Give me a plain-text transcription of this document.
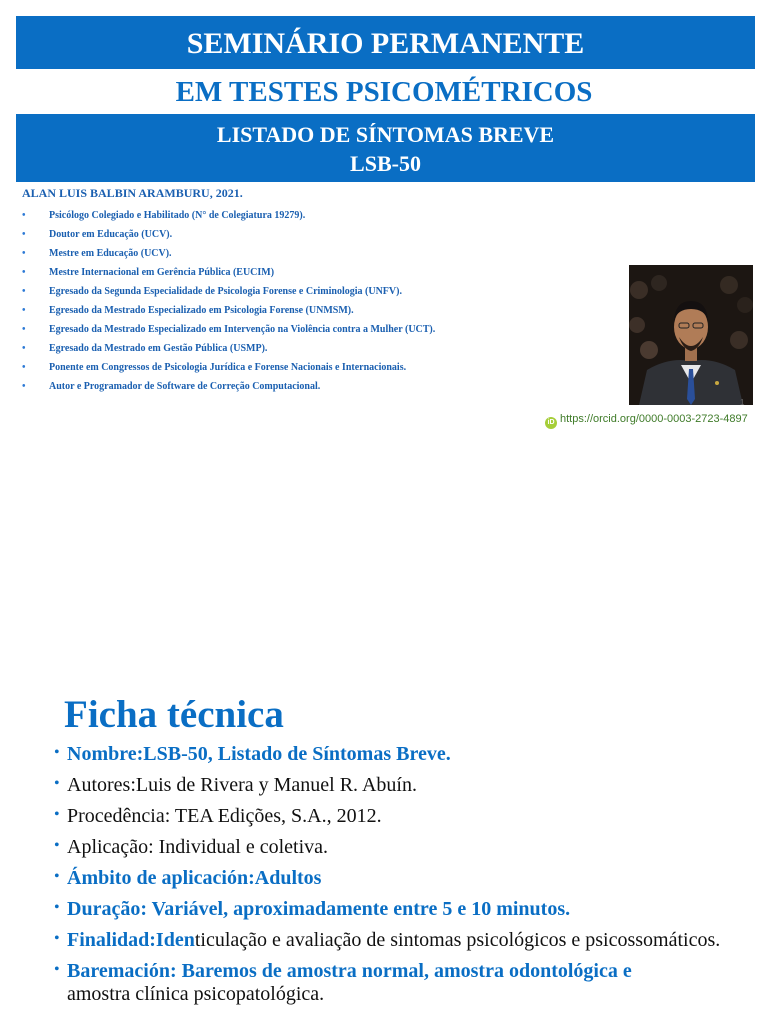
SEMINÁRIO PERMANENTE
EM TESTES PSICOMÉTRICOS
LISTADO DE SÍNTOMAS BREVE
LSB-50
ALAN LUIS BALBIN ARAMBURU, 2021.
• Psicólogo Colegiado e Habilitado (N° de Colegiatura 19279).
• Doutor em Educação (UCV).
• Mestre em Educação (UCV).
• Mestre Internacional em Gerência Pública (EUCIM)
• Egresado da Segunda Especialidade de Psicologia Forense e Criminologia (UNFV).
• Egresado da Mestrado Especializado em Psicologia Forense (UNMSM).
• Egresado da Mestrado Especializado em Intervenção na Violência contra a Mulher (UCT).
• Egresado da Mestrado em Gestão Pública (USMP).
• Ponente em Congressos de Psicologia Jurídica e Forense Nacionais e Internacionais.
• Autor e Programador de Software de Correção Computacional.
1
iD https://orcid.org/0000-0003-2723-4897
Ficha técnica
• Nombre:LSB-50, Listado de Síntomas Breve.
• Autores:Luis de Rivera y Manuel R. Abuín.
• Procedência: TEA Edições, S.A., 2012.
• Aplicação: Individual e coletiva.
• Ámbito de aplicación:Adultos
• Duração: Variável, aproximadamente entre 5 e 10 minutos.
• Finalidad:Identiculação e avaliação de sintomas psicológicos e psicossomáticos.
• Baremación: Baremos de amostra normal, amostra odontológica e
amostra clínica psicopatológica.
